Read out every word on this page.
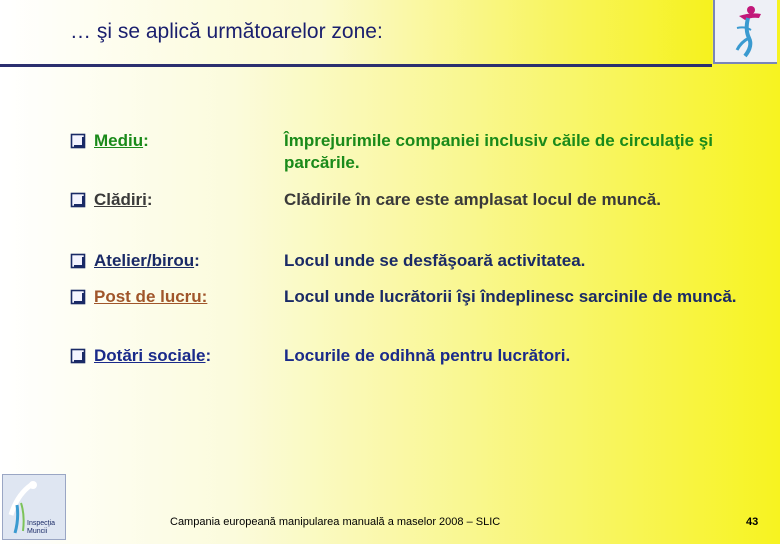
… şi se aplică următoarelor zone:
Mediu:	Împrejurimile companiei inclusiv căile de circulaţie şi parcările.
Clădiri:	Clădirile în care este amplasat locul de muncă.
Atelier/birou:	Locul unde se desfăşoară activitatea.
Post de lucru:	Locul unde lucrătorii îşi îndeplinesc sarcinile de muncă.
Dotări sociale:	Locurile de odihnă pentru lucrători.
Inspecţia
Muncii
Campania europeană manipularea manuală a maselor 2008 – SLIC	43
